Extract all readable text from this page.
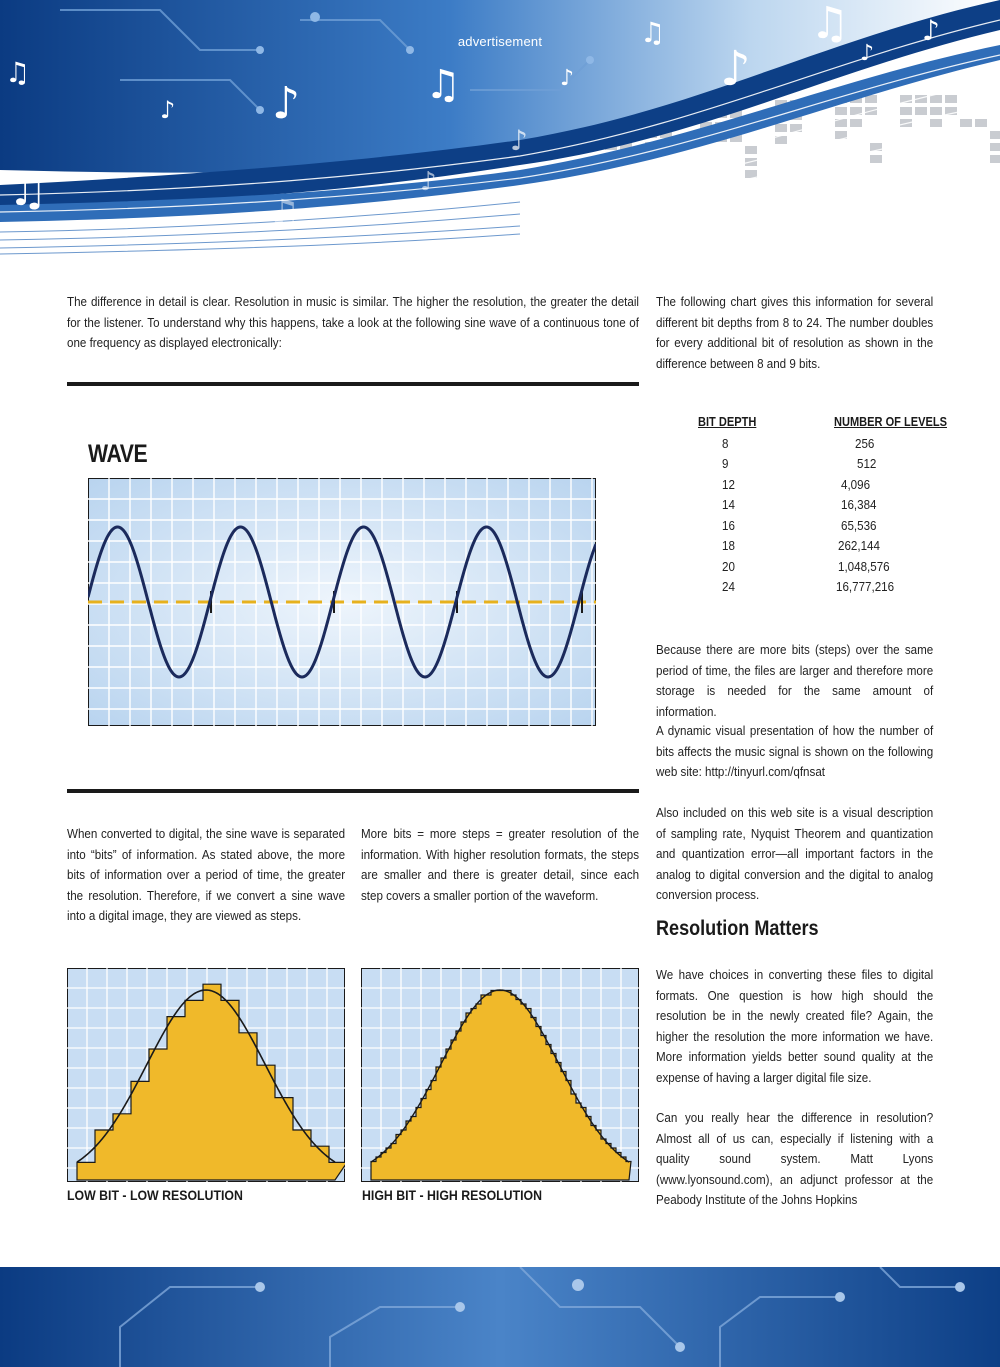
♫
♪ ♪	♫	♪
♫
♪
♫
♪
♪
♪
♫	♫
♪
advertisement
The difference in detail is clear. Resolution in music is similar. The higher the resolution, the greater the detail for the listener. To understand why this happens, take a look at the following sine wave of a continuous tone of one frequency as displayed electronically:
The following chart gives this information for several different bit depths from 8 to 24. The number doubles for every additional bit of resolution as shown in the difference between 8 and 9 bits.
WAVE
BIT DEPTH	NUMBER OF LEVELS
8	256
9	512
12	4,096
14	16,384
16	65,536
18	262,144
20	1,048,576
24	16,777,216
Because there are more bits (steps) over the same period of time, the files are larger and therefore more storage is needed for the same amount of information.
A dynamic visual presentation of how the number of bits affects the music signal is shown on the following web site: http://tinyurl.com/qfnsat
Also included on this web site is a visual description of sampling rate, Nyquist Theorem and quantization and quantization error—all important factors in the analog to digital conversion and the digital to analog conversion process.
Resolution Matters
We have choices in converting these files to digital formats. One question is how high should the resolution be in the newly created file? Again, the higher the resolution the more information we have. More information yields better sound quality at the expense of having a larger digital file size.
Can you really hear the difference in resolution? Almost all of us can, especially if listening with a quality sound system. Matt Lyons (www.lyonsound.com), an adjunct professor at the Peabody Institute of the Johns Hopkins
When converted to digital, the sine wave is separated into “bits” of information. As stated above, the more bits of information over a period of time, the greater the resolution. Therefore, if we convert a sine wave into a digital image, they are viewed as steps.
More bits = more steps = greater resolution of the information. With higher resolution formats, the steps are smaller and there is greater detail, since each step covers a smaller portion of the waveform.
LOW BIT - LOW RESOLUTION	HIGH BIT - HIGH RESOLUTION
